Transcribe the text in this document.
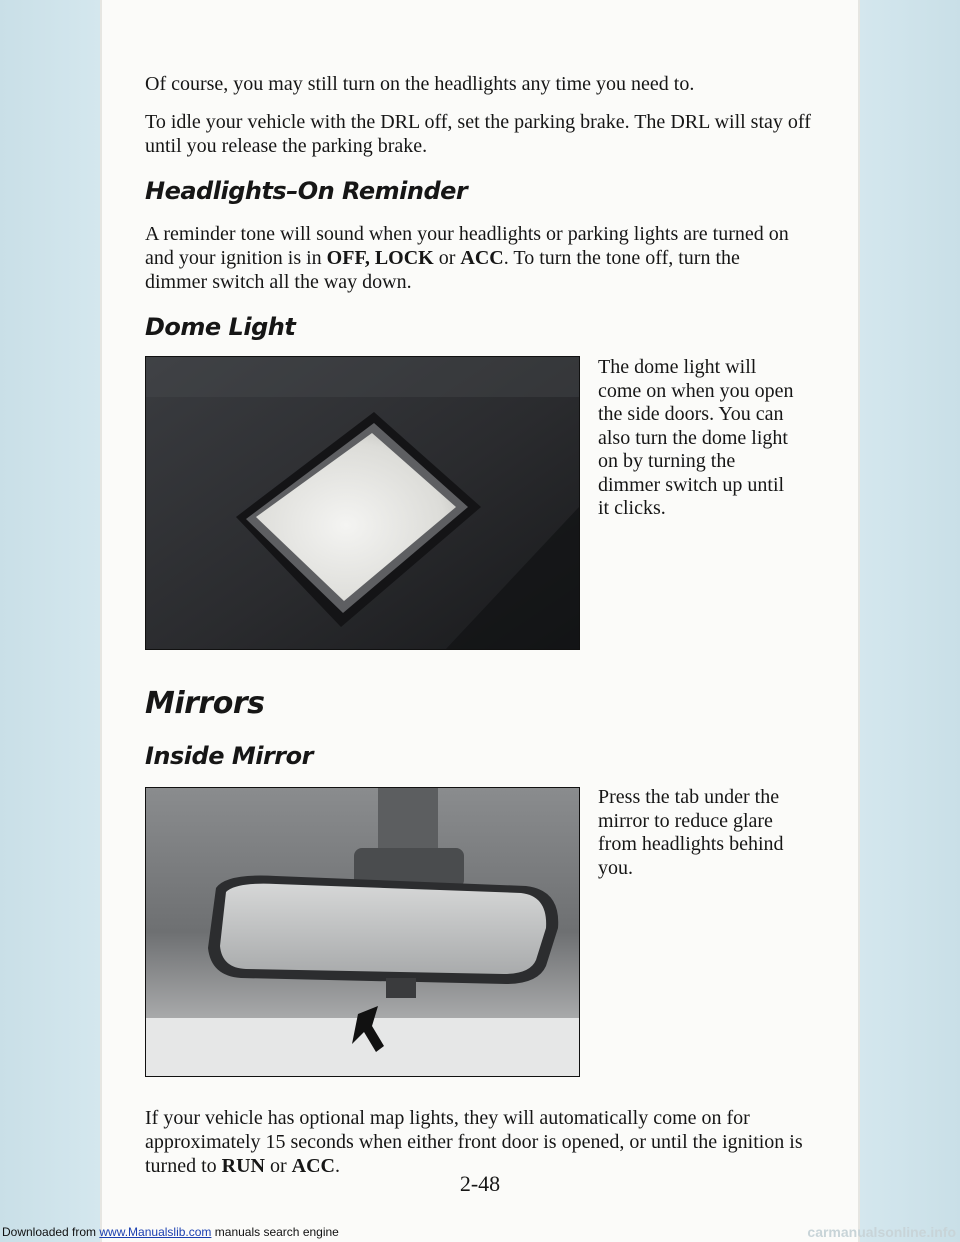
Of course, you may still turn on the headlights any time you need to.

To idle your vehicle with the DRL off, set the parking brake. The DRL will stay off until you release the parking brake.

Headlights–On Reminder

A reminder tone will sound when your headlights or parking lights are turned on and your ignition is in OFF, LOCK or ACC. To turn the tone off, turn the dimmer switch all the way down.

Dome Light

The dome light will come on when you open the side doors. You can also turn the dome light on by turning the dimmer switch up until it clicks.

Mirrors
Inside Mirror

Press the tab under the mirror to reduce glare from headlights behind you.

If your vehicle has optional map lights, they will automatically come on for approximately 15 seconds when either front door is opened, or until the ignition is turned to RUN or ACC.

2-48
Downloaded from www.Manualslib.com manuals search engine	carmanualsonline.info
